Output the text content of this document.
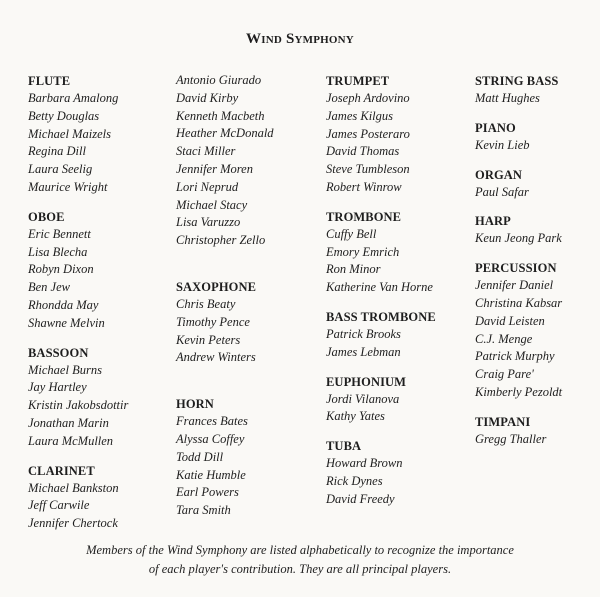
Wind Symphony
FLUTE
Barbara Amalong
Betty Douglas
Michael Maizels
Regina Dill
Laura Seelig
Maurice Wright
OBOE
Eric Bennett
Lisa Blecha
Robyn Dixon
Ben Jew
Rhondda May
Shawne Melvin
BASSOON
Michael Burns
Jay Hartley
Kristin Jakobsdottir
Jonathan Marin
Laura McMullen
CLARINET
Michael Bankston
Jeff Carwile
Jennifer Chertock
Antonio Giurado
David Kirby
Kenneth Macbeth
Heather McDonald
Staci Miller
Jennifer Moren
Lori Neprud
Michael Stacy
Lisa Varuzzo
Christopher Zello
SAXOPHONE
Chris Beaty
Timothy Pence
Kevin Peters
Andrew Winters
HORN
Frances Bates
Alyssa Coffey
Todd Dill
Katie Humble
Earl Powers
Tara Smith
TRUMPET
Joseph Ardovino
James Kilgus
James Posteraro
David Thomas
Steve Tumbleson
Robert Winrow
TROMBONE
Cuffy Bell
Emory Emrich
Ron Minor
Katherine Van Horne
BASS TROMBONE
Patrick Brooks
James Lebman
EUPHONIUM
Jordi Vilanova
Kathy Yates
TUBA
Howard Brown
Rick Dynes
David Freedy
STRING BASS
Matt Hughes
PIANO
Kevin Lieb
ORGAN
Paul Safar
HARP
Keun Jeong Park
PERCUSSION
Jennifer Daniel
Christina Kabsar
David Leisten
C.J. Menge
Patrick Murphy
Craig Pare'
Kimberly Pezoldt
TIMPANI
Gregg Thaller
Members of the Wind Symphony are listed alphabetically to recognize the importance
of each player's contribution. They are all principal players.
